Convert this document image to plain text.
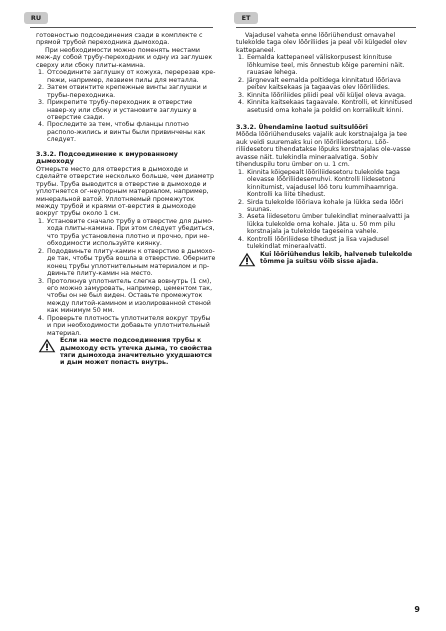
RU	ET

готовностью подсоединения сзади в комплекте с прямой трубой переходника дымохода.

При необходимости можно поменять местами меж-ду собой трубу-переходник и одну из заглушек сверху или сбоку плиты-камина.

1. Отсоедините заглушку от кожуха, перерезав кре-пежи, например, лезвием пилы для металла.
2. Затем отвинтите крепежные винты заглушки и трубы-переходника.
3. Прикрепите трубу-переходник в отверстие навер-ху или сбоку и установите заглушку в отверстие сзади.
4. Проследите за тем, чтобы фланцы плотно располо-жились и винты были привинчены как следует.

3.3.2. Подсоединение к вмурованному дымоходу

Отмерьте место для отверстия в дымоходе и сделайте отверстие несколько больше, чем диаметр трубы. Труба выводится в отверстие в дымоходе и уплотняется ог-неупорным материалом, например, минеральной ватой. Уплотняемый промежуток между трубой и краями от-верстия в дымоходе вокруг трубы около 1 см.

1. Установите сначало трубу в отверстие для дымо-хода плиты-камина. При этом следует убедиться, что труба установлена плотно и прочно, при не-обходимости используйте киянку.
2. Пододвиньте плиту-камин к отверстию в дымохо-де так, чтобы труба вошла в отверстие. Оберните конец трубы уплотнительным материалом и пр-двиньте плиту-камин на место.
3. Протолкнув уплотнитель слегка вовнутрь (1 см), его можно замуровать, например, цементом так, чтобы он не был виден. Оставьте промежуток между плитой-камином и изолированной стеной как минимум 50 мм.
4. Проверьте плотность уплотнителя вокруг трубы и при необходимости добавьте уплотнительный материал.
Если на месте подсоединения трубы к дымоходу есть утечка дыма, то свойства тяги дымохода значительно ухудшаются и дым может попасть внутрь.

Vajadusel vaheta enne lõõriühendust omavahel tulekolde taga olev lõõriliides ja peal või külgedel olev kattepaneel.

1. Eemalda kattepaneel väliskorpusest kinnituse lõhkumise teel, mis õnnestub kõige paremini näit. rauasae lehega.
2. Järgnevalt eemalda poltidega kinnitatud lõõriava peitev kaitsekaas ja tagaavas olev lõõriliides.
3. Kinnita lõõriliides pliidi peal või küljel oleva avaga.
4. Kinnita kaitsekaas tagaavale. Kontrolli, et kinnitused asetusid oma kohale ja poldid on korralikult kinni.

3.3.2. Ühendamine laotud suitsulõõri

Mõõda lõõriühenduseks vajalik auk korstnajalga ja tee auk veidi suuremaks kui on lõõriliidesetoru. Lõõ-riliidesetoru tihendatakse lõpuks korstnajalas ole-vasse avasse näit. tulekindla mineraalvatiga. Sobiv tihenduspilu toru ümber on u. 1 cm.

1. Kinnita kõigepealt lõõriliidesetoru tulekolde taga olevasse lõõriliidesemuhvi. Kontrolli liidesetoru kinnitumist, vajadusel löö toru kummihaamriga. Kontrolli ka liite tihedust.
2. Sirda tulekolde lõõriava kohale ja lükka seda lõõri suunas.
3. Aseta liidesetoru ümber tulekindlat mineraalvatti ja lükka tulekolde oma kohale. Jäta u. 50 mm pilu korstnajala ja tulekolde tageseina vahele.
4. Kontrolli lõõriliidese tihedust ja lisa vajadusel tulekindlat mineraalvatti.
Kui lõõriühendus lekib, halveneb tulekolde tõmme ja suitsu võib sisse ajada.
9
